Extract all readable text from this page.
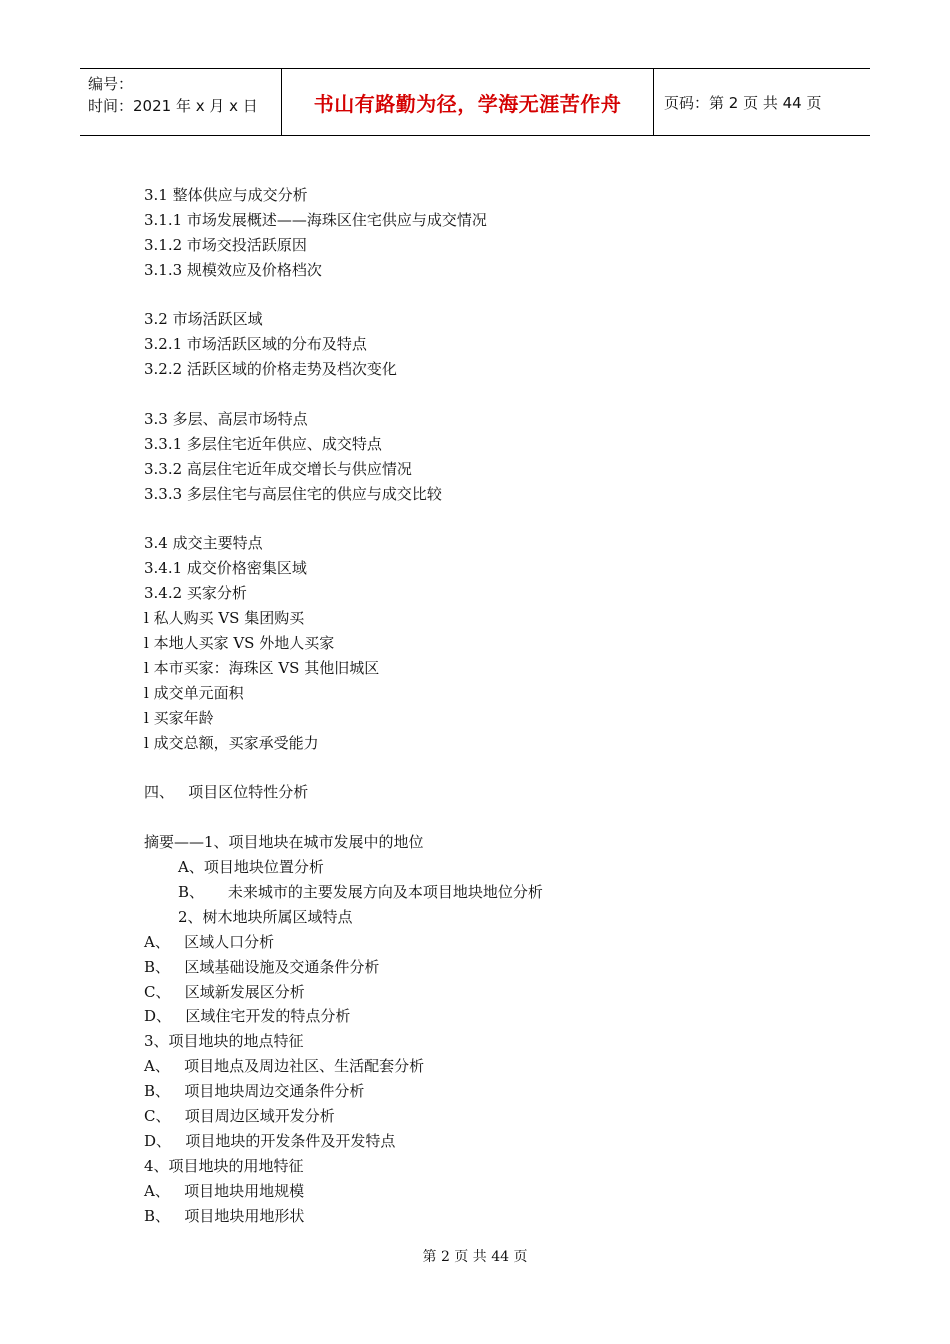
编号：
时间：2021 年 x 月 x 日	书山有路勤为径，学海无涯苦作舟	页码：第 2 页 共 44 页
3.1 整体供应与成交分析
3.1.1 市场发展概述——海珠区住宅供应与成交情况
3.1.2 市场交投活跃原因
3.1.3 规模效应及价格档次
3.2 市场活跃区域
3.2.1 市场活跃区域的分布及特点
3.2.2 活跃区域的价格走势及档次变化
3.3 多层、高层市场特点
3.3.1 多层住宅近年供应、成交特点
3.3.2 高层住宅近年成交增长与供应情况
3.3.3 多层住宅与高层住宅的供应与成交比较
3.4 成交主要特点
3.4.1 成交价格密集区域
3.4.2 买家分析
l 私人购买 VS 集团购买
l 本地人买家 VS 外地人买家
l 本市买家：海珠区 VS 其他旧城区
l 成交单元面积
l 买家年龄
l 成交总额，买家承受能力
四、   项目区位特性分析
摘要——1、项目地块在城市发展中的地位
A、项目地块位置分析
B、     未来城市的主要发展方向及本项目地块地位分析
2、树木地块所属区域特点
A、   区域人口分析
B、   区域基础设施及交通条件分析
C、   区域新发展区分析
D、   区域住宅开发的特点分析
3、项目地块的地点特征
A、   项目地点及周边社区、生活配套分析
B、   项目地块周边交通条件分析
C、   项目周边区域开发分析
D、   项目地块的开发条件及开发特点
4、项目地块的用地特征
A、   项目地块用地规模
B、   项目地块用地形状
第 2 页 共 44 页
